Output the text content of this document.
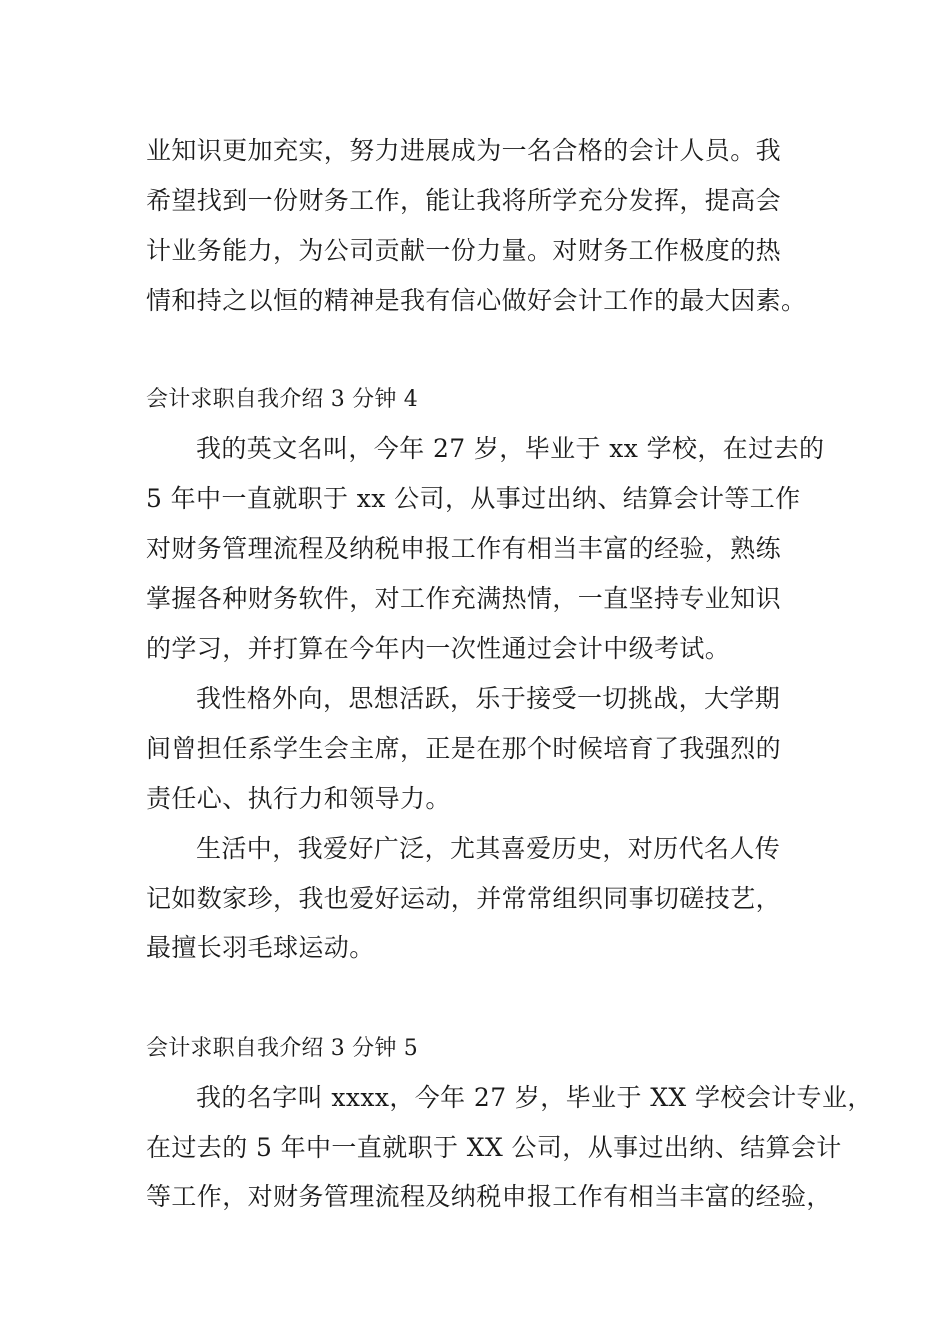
业知识更加充实，努力进展成为一名合格的会计人员。我
希望找到一份财务工作，能让我将所学充分发挥，提高会
计业务能力，为公司贡献一份力量。对财务工作极度的热
情和持之以恒的精神是我有信心做好会计工作的最大因素。
会计求职自我介绍 3 分钟 4
我的英文名叫，今年 27 岁，毕业于 xx 学校，在过去的
5 年中一直就职于 xx 公司，从事过出纳、结算会计等工作
对财务管理流程及纳税申报工作有相当丰富的经验，熟练
掌握各种财务软件，对工作充满热情，一直坚持专业知识
的学习，并打算在今年内一次性通过会计中级考试。
我性格外向，思想活跃，乐于接受一切挑战，大学期
间曾担任系学生会主席，正是在那个时候培育了我强烈的
责任心、执行力和领导力。
生活中，我爱好广泛，尤其喜爱历史，对历代名人传
记如数家珍，我也爱好运动，并常常组织同事切磋技艺，
最擅长羽毛球运动。
会计求职自我介绍 3 分钟 5
我的名字叫 xxxx，今年 27 岁，毕业于 XX 学校会计专业，
在过去的 5 年中一直就职于 XX 公司，从事过出纳、结算会计
等工作，对财务管理流程及纳税申报工作有相当丰富的经验，
